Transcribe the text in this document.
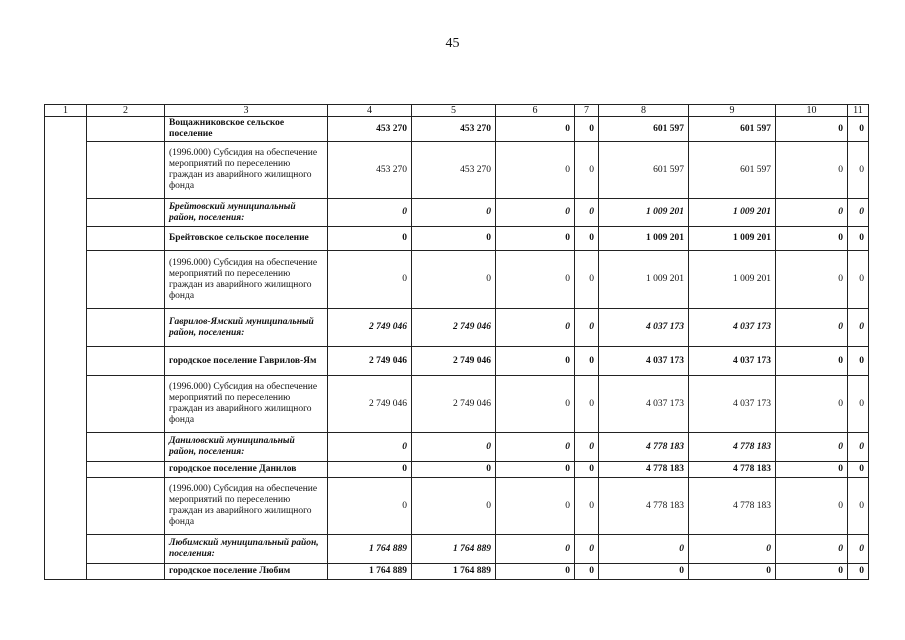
45
1	2	3	4	5	6	7	8	9	10	11
		Вощажниковское сельское поселение	453 270	453 270	0	0	601 597	601 597	0	0
		(1996.000) Субсидия на обеспечение мероприятий по переселению граждан из аварийного жилищного фонда	453 270	453 270	0	0	601 597	601 597	0	0
		Брейтовский муниципальный район, поселения:	0	0	0	0	1 009 201	1 009 201	0	0
		Брейтовское сельское поселение	0	0	0	0	1 009 201	1 009 201	0	0
		(1996.000) Субсидия на обеспечение мероприятий по переселению граждан из аварийного жилищного фонда	0	0	0	0	1 009 201	1 009 201	0	0
		Гаврилов-Ямский муниципальный район, поселения:	2 749 046	2 749 046	0	0	4 037 173	4 037 173	0	0
		городское поселение Гаврилов-Ям	2 749 046	2 749 046	0	0	4 037 173	4 037 173	0	0
		(1996.000) Субсидия на обеспечение мероприятий по переселению граждан из аварийного жилищного фонда	2 749 046	2 749 046	0	0	4 037 173	4 037 173	0	0
		Даниловский муниципальный район, поселения:	0	0	0	0	4 778 183	4 778 183	0	0
		городское поселение Данилов	0	0	0	0	4 778 183	4 778 183	0	0
		(1996.000) Субсидия на обеспечение мероприятий по переселению граждан из аварийного жилищного фонда	0	0	0	0	4 778 183	4 778 183	0	0
		Любимский муниципальный район, поселения:	1 764 889	1 764 889	0	0	0	0	0	0
		городское поселение Любим	1 764 889	1 764 889	0	0	0	0	0	0
